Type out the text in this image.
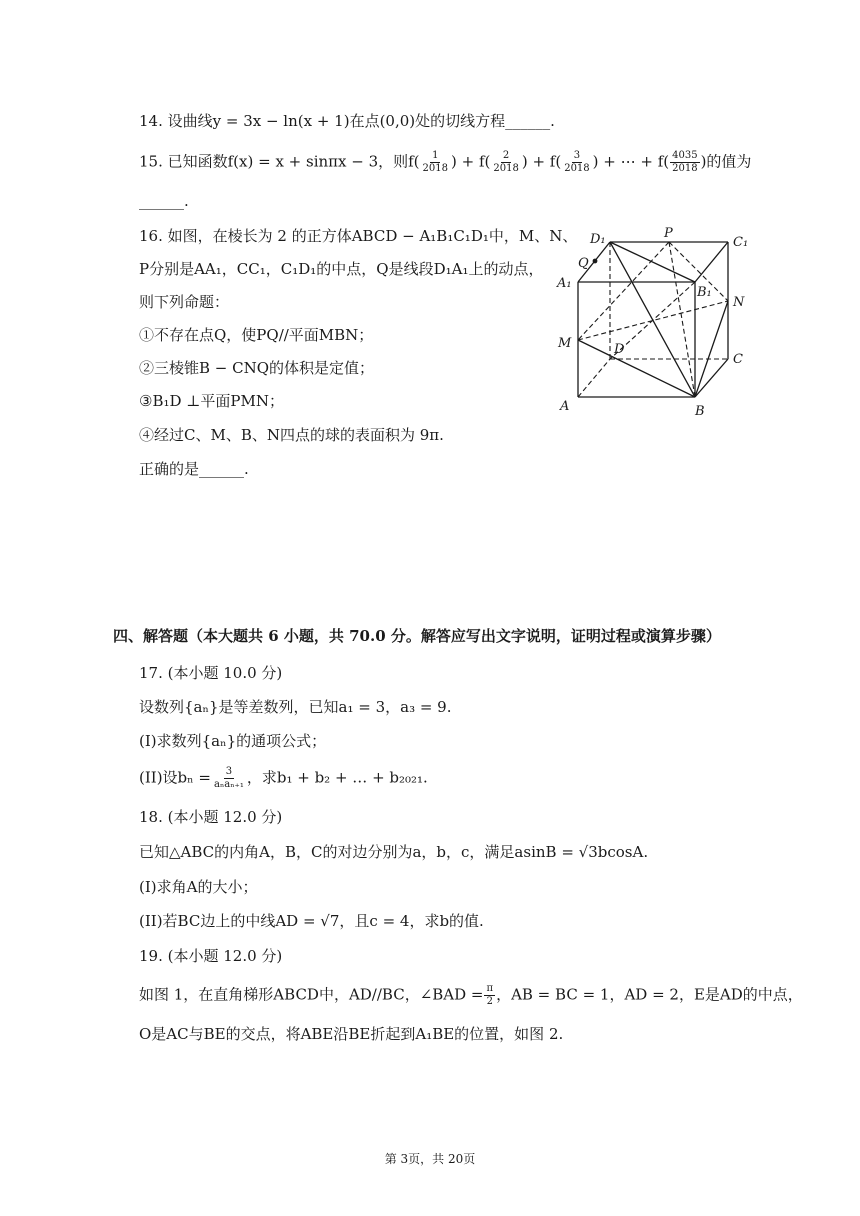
14. 设曲线y = 3x − ln(x + 1)在点(0,0)处的切线方程______.
15. 已知函数f(x) = x + sinπx − 3，则$f( \frac{1}{2018}$ ) + $f( \frac{2}{2018}$ ) + $f( \frac{3}{2018}$ ) + ⋯ + $f( \frac{4035}{2018}$ )的值为
______.
16. 如图，在棱长为 2 的正方体ABCD − A₁B₁C₁D₁中，M、N、
P分别是AA₁，CC₁，C₁D₁的中点，Q是线段D₁A₁上的动点，
则下列命题：
①不存在点Q，使PQ//平面MBN；
②三棱锥B − CNQ的体积是定值；
③B₁D ⊥平面PMN；
④经过C、M、B、N四点的球的表面积为 9π.
正确的是______.
D₁	P
C₁
Q
A₁
B₁
N
M	D
C
A	B
四、解答题（本大题共 6 小题，共 70.0 分。解答应写出文字说明，证明过程或演算步骤）
17. (本小题 10.0 分)
设数列{aₙ}是等差数列，已知a₁ = 3，a₃ = 9.
(I)求数列{aₙ}的通项公式；
(II)设$b_n = \frac{3}{\text{aₙaₙ₊₁}}$ ，求b₁ + b₂ + … + b₂₀₂₁.
18. (本小题 12.0 分)
已知△ABC的内角A，B，C的对边分别为a，b，c，满足asinB = √3bcosA.
(I)求角A的大小；
(II)若BC边上的中线AD = √7，且c = 4，求b的值.
19. (本小题 12.0 分)
如图 1，在直角梯形ABCD中，AD//BC，∠BAD = $\frac{\pi}{2}$ ，AB = BC = 1，AD = 2，E是AD的中点，
O是AC与BE的交点，将ABE沿BE折起到A₁BE的位置，如图 2.
第 3页，共 20页
